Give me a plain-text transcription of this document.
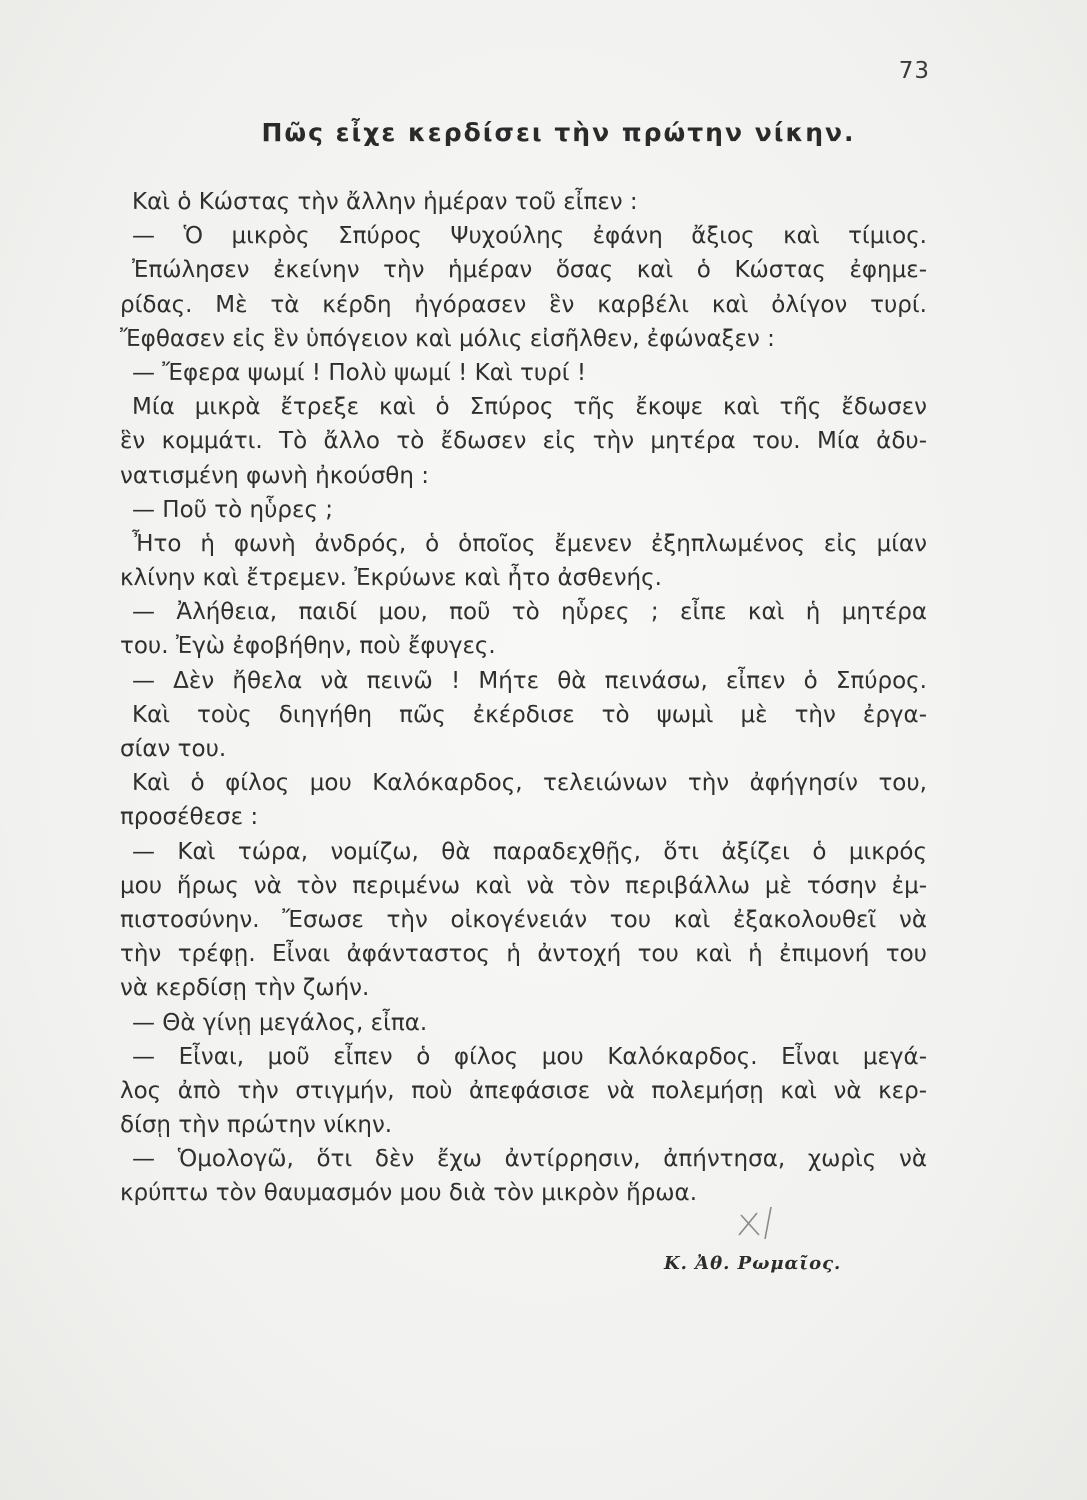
73
Πῶς εἶχε κερδίσει τὴν πρώτην νίκην.
Καὶ ὁ Κώστας τὴν ἄλλην ἡμέραν τοῦ εἶπεν :
— Ὁ μικρὸς Σπύρος Ψυχούλης ἐφάνη ἄξιος καὶ τίμιος.
Ἐπώλησεν ἐκείνην τὴν ἡμέραν ὅσας καὶ ὁ Κώστας ἐφημε-
ρίδας. Μὲ τὰ κέρδη ἠγόρασεν ἓν καρβέλι καὶ ὀλίγον τυρί.
Ἔφθασεν εἰς ἓν ὑπόγειον καὶ μόλις εἰσῆλθεν, ἐφώναξεν :
— Ἔφερα ψωμί ! Πολὺ ψωμί ! Καὶ τυρί !
Μία μικρὰ ἔτρεξε καὶ ὁ Σπύρος τῆς ἔκοψε καὶ τῆς ἔδωσεν
ἓν κομμάτι. Τὸ ἄλλο τὸ ἔδωσεν εἰς τὴν μητέρα του. Μία ἀδυ-
νατισμένη φωνὴ ἠκούσθη :
— Ποῦ τὸ ηὗρες ;
Ἦτο ἡ φωνὴ ἀνδρός, ὁ ὁποῖος ἔμενεν ἐξηπλωμένος εἰς μίαν
κλίνην καὶ ἔτρεμεν. Ἐκρύωνε καὶ ἦτο ἀσθενής.
— Ἀλήθεια, παιδί μου, ποῦ τὸ ηὗρες ; εἶπε καὶ ἡ μητέρα
του. Ἐγὼ ἐφοβήθην, ποὺ ἔφυγες.
— Δὲν ἤθελα νὰ πεινῶ ! Μήτε θὰ πεινάσω, εἶπεν ὁ Σπύρος.
Καὶ τοὺς διηγήθη πῶς ἐκέρδισε τὸ ψωμὶ μὲ τὴν ἐργα-
σίαν του.
Καὶ ὁ φίλος μου Καλόκαρδος, τελειώνων τὴν ἀφήγησίν του,
προσέθεσε :
— Καὶ τώρα, νομίζω, θὰ παραδεχθῇς, ὅτι ἀξίζει ὁ μικρός
μου ἥρως νὰ τὸν περιμένω καὶ νὰ τὸν περιβάλλω μὲ τόσην ἐμ-
πιστοσύνην. Ἔσωσε τὴν οἰκογένειάν του καὶ ἐξακολουθεῖ νὰ
τὴν τρέφῃ. Εἶναι ἀφάνταστος ἡ ἀντοχή του καὶ ἡ ἐπιμονή του
νὰ κερδίσῃ τὴν ζωήν.
— Θὰ γίνῃ μεγάλος, εἶπα.
— Εἶναι, μοῦ εἶπεν ὁ φίλος μου Καλόκαρδος. Εἶναι μεγά-
λος ἀπὸ τὴν στιγμήν, ποὺ ἀπεφάσισε νὰ πολεμήσῃ καὶ νὰ κερ-
δίσῃ τὴν πρώτην νίκην.
— Ὁμολογῶ, ὅτι δὲν ἔχω ἀντίρρησιν, ἀπήντησα, χωρὶς νὰ
κρύπτω τὸν θαυμασμόν μου διὰ τὸν μικρὸν ἥρωα.
Κ. Ἀθ. Ρωμαῖος.
